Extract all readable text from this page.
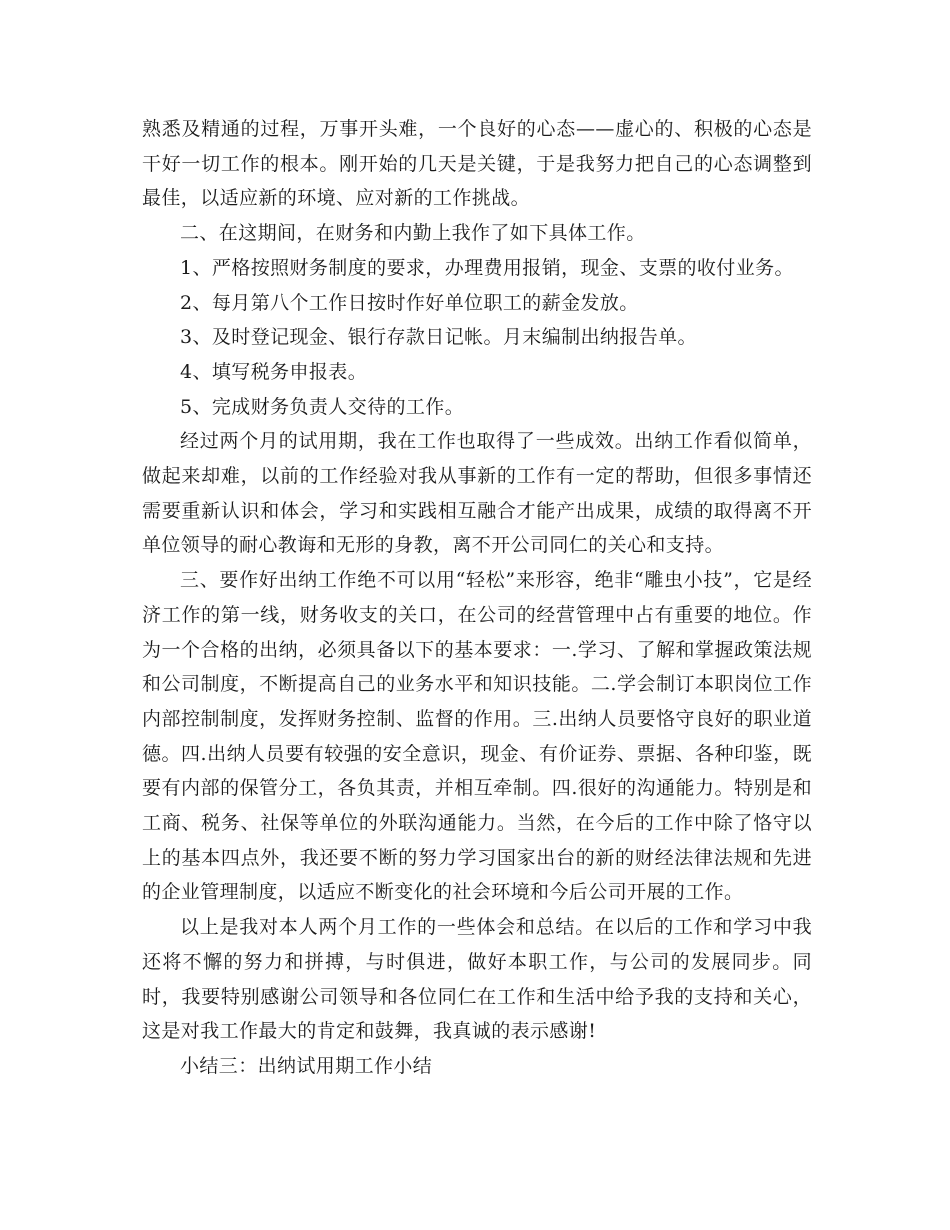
熟悉及精通的过程，万事开头难，一个良好的心态——虚心的、积极的心态是干好一切工作的根本。刚开始的几天是关键，于是我努力把自己的心态调整到最佳，以适应新的环境、应对新的工作挑战。

二、在这期间，在财务和内勤上我作了如下具体工作。

1、严格按照财务制度的要求，办理费用报销，现金、支票的收付业务。

2、每月第八个工作日按时作好单位职工的薪金发放。

3、及时登记现金、银行存款日记帐。月末编制出纳报告单。

4、填写税务申报表。

5、完成财务负责人交待的工作。

经过两个月的试用期，我在工作也取得了一些成效。出纳工作看似简单，做起来却难，以前的工作经验对我从事新的工作有一定的帮助，但很多事情还需要重新认识和体会，学习和实践相互融合才能产出成果，成绩的取得离不开单位领导的耐心教诲和无形的身教，离不开公司同仁的关心和支持。

三、要作好出纳工作绝不可以用“轻松”来形容，绝非“雕虫小技”，它是经济工作的第一线，财务收支的关口，在公司的经营管理中占有重要的地位。作为一个合格的出纳，必须具备以下的基本要求：一.学习、了解和掌握政策法规和公司制度，不断提高自己的业务水平和知识技能。二.学会制订本职岗位工作内部控制制度，发挥财务控制、监督的作用。三.出纳人员要恪守良好的职业道德。四.出纳人员要有较强的安全意识，现金、有价证券、票据、各种印鉴，既要有内部的保管分工，各负其责，并相互牵制。四.很好的沟通能力。特别是和工商、税务、社保等单位的外联沟通能力。当然，在今后的工作中除了恪守以上的基本四点外，我还要不断的努力学习国家出台的新的财经法律法规和先进的企业管理制度，以适应不断变化的社会环境和今后公司开展的工作。

以上是我对本人两个月工作的一些体会和总结。在以后的工作和学习中我还将不懈的努力和拼搏，与时俱进，做好本职工作，与公司的发展同步。同时，我要特别感谢公司领导和各位同仁在工作和生活中给予我的支持和关心，这是对我工作最大的肯定和鼓舞，我真诚的表示感谢!

小结三：出纳试用期工作小结
